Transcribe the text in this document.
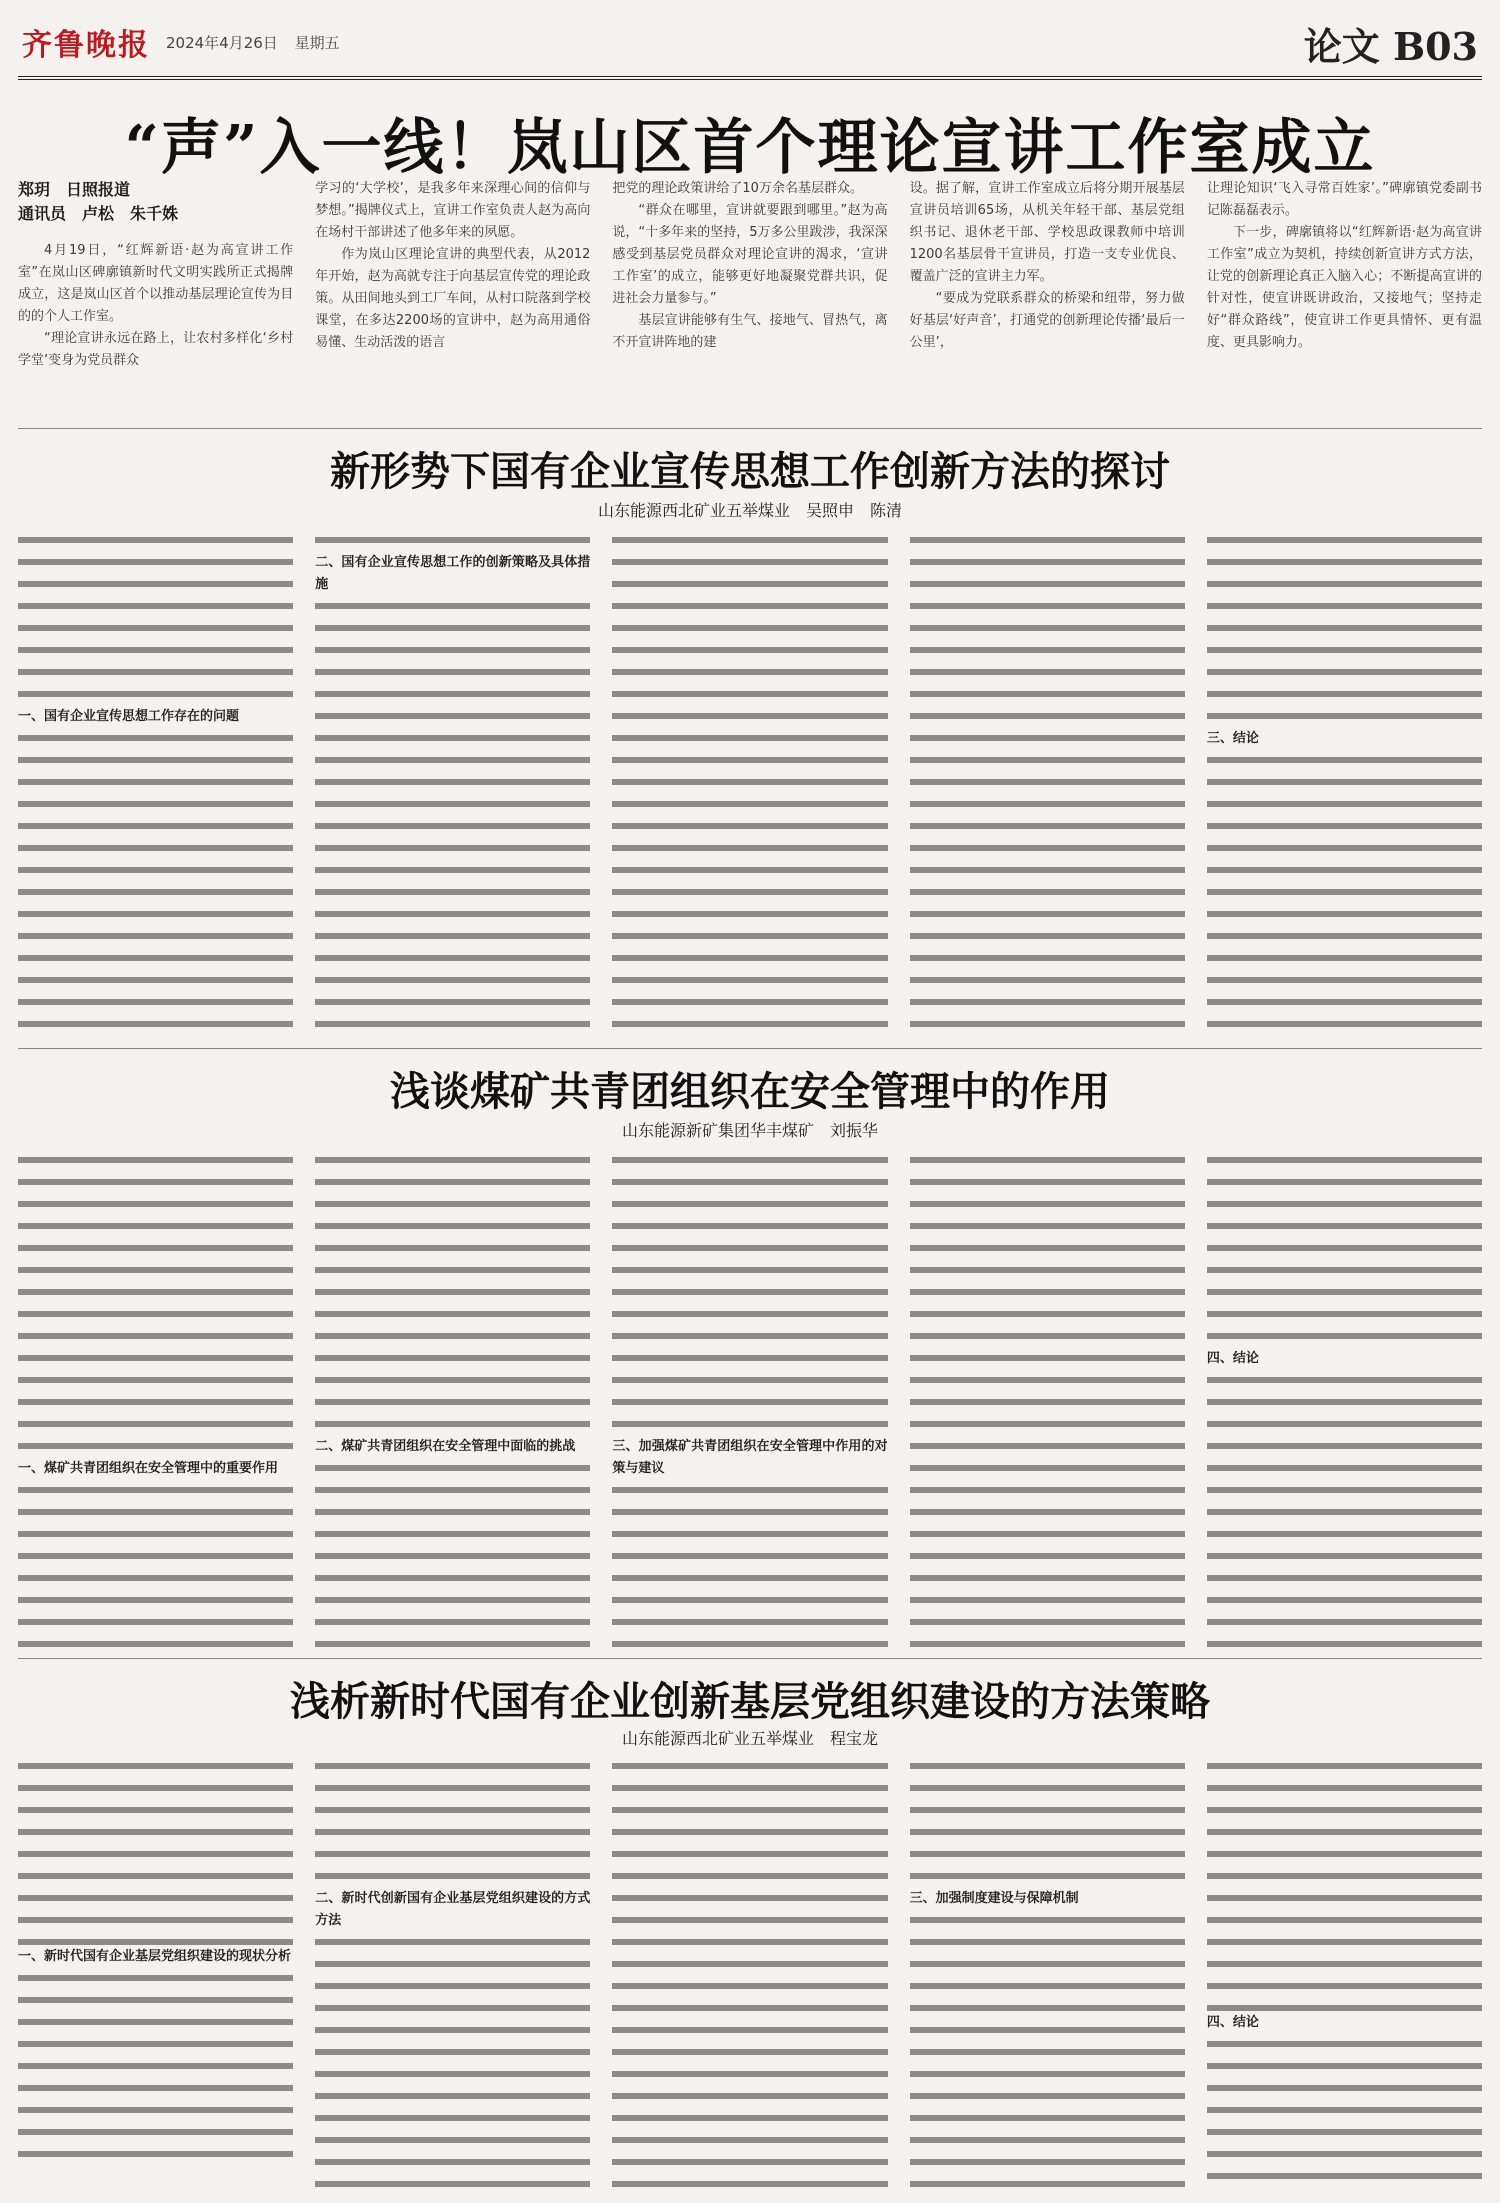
齐鲁晚报 2024年4月26日 星期五	论文 B03
“声”入一线！岚山区首个理论宣讲工作室成立
郑玥　日照报道
通讯员　卢松　朱千姝

4月19日，“红辉新语·赵为高宣讲工作室”在岚山区碑廓镇新时代文明实践所正式揭牌成立，这是岚山区首个以推动基层理论宣传为目的的个人工作室。

“理论宣讲永远在路上，让农村多样化‘乡村学堂’变身为党员群众

学习的‘大学校’，是我多年来深理心间的信仰与梦想。”揭牌仪式上，宣讲工作室负责人赵为高向在场村干部讲述了他多年来的夙愿。

作为岚山区理论宣讲的典型代表，从2012年开始，赵为高就专注于向基层宣传党的理论政策。从田间地头到工厂车间，从村口院落到学校课堂，在多达2200场的宣讲中，赵为高用通俗易懂、生动活泼的语言

把党的理论政策讲给了10万余名基层群众。

“群众在哪里，宣讲就要跟到哪里。”赵为高说，“十多年来的坚持，5万多公里跋涉，我深深感受到基层党员群众对理论宣讲的渴求，‘宣讲工作室’的成立，能够更好地凝聚党群共识，促进社会力量参与。”

基层宣讲能够有生气、接地气、冒热气，离不开宣讲阵地的建

设。据了解，宣讲工作室成立后将分期开展基层宣讲员培训65场，从机关年轻干部、基层党组织书记、退休老干部、学校思政课教师中培训1200名基层骨干宣讲员，打造一支专业优良、覆盖广泛的宣讲主力军。

“要成为党联系群众的桥梁和纽带，努力做好基层‘好声音’，打通党的创新理论传播‘最后一公里’，

让理论知识‘飞入寻常百姓家’。”碑廓镇党委副书记陈磊磊表示。

下一步，碑廓镇将以“红辉新语·赵为高宣讲工作室”成立为契机，持续创新宣讲方式方法，让党的创新理论真正入脑入心；不断提高宣讲的针对性，使宣讲既讲政治，又接地气；坚持走好“群众路线”，使宣讲工作更具情怀、更有温度、更具影响力。

新形势下国有企业宣传思想工作创新方法的探讨
山东能源西北矿业五举煤业　吴照申　陈清
一、国有企业宣传思想工作存在的问题
二、国有企业宣传思想工作的创新策略及具体措施
三、结论
浅谈煤矿共青团组织在安全管理中的作用
山东能源新矿集团华丰煤矿　刘振华
一、煤矿共青团组织在安全管理中的重要作用
二、煤矿共青团组织在安全管理中面临的挑战	三、加强煤矿共青团组织在安全管理中作用的对策与建议
四、结论
浅析新时代国有企业创新基层党组织建设的方法策略
山东能源西北矿业五举煤业　程宝龙
一、新时代国有企业基层党组织建设的现状分析
二、新时代创新国有企业基层党组织建设的方式方法
三、加强制度建设与保障机制
四、结论
